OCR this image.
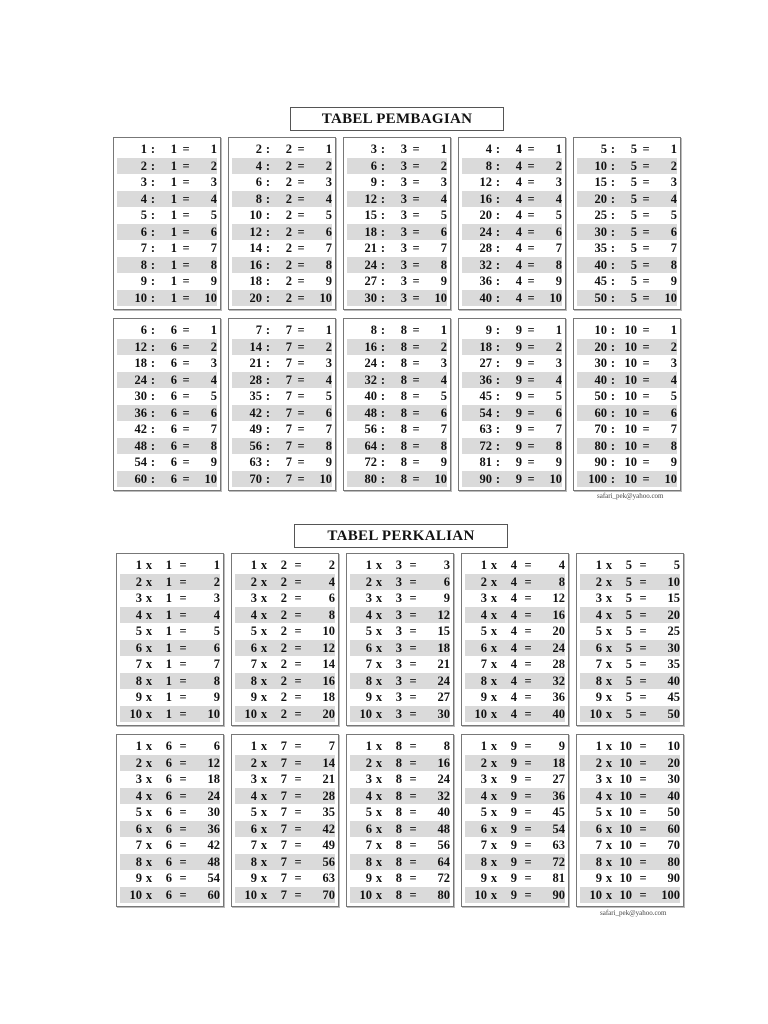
TABEL PEMBAGIAN
1 :	1 =	1
2 :	1 =	2
3 :	1 =	3
4 :	1 =	4
5 :	1 =	5
6 :	1 =	6
7 :	1 =	7
8 :	1 =	8
9 :	1 =	9
10 :	1 =	10
2 :	2 =	1
4 :	2 =	2
6 :	2 =	3
8 :	2 =	4
10 :	2 =	5
12 :	2 =	6
14 :	2 =	7
16 :	2 =	8
18 :	2 =	9
20 :	2 =	10
3 :	3 =	1
6 :	3 =	2
9 :	3 =	3
12 :	3 =	4
15 :	3 =	5
18 :	3 =	6
21 :	3 =	7
24 :	3 =	8
27 :	3 =	9
30 :	3 =	10
4 :	4 =	1
8 :	4 =	2
12 :	4 =	3
16 :	4 =	4
20 :	4 =	5
24 :	4 =	6
28 :	4 =	7
32 :	4 =	8
36 :	4 =	9
40 :	4 =	10
5 :	5 =	1
10 :	5 =	2
15 :	5 =	3
20 :	5 =	4
25 :	5 =	5
30 :	5 =	6
35 :	5 =	7
40 :	5 =	8
45 :	5 =	9
50 :	5 =	10
6 :	6 =	1
12 :	6 =	2
18 :	6 =	3
24 :	6 =	4
30 :	6 =	5
36 :	6 =	6
42 :	6 =	7
48 :	6 =	8
54 :	6 =	9
60 :	6 =	10
7 :	7 =	1
14 :	7 =	2
21 :	7 =	3
28 :	7 =	4
35 :	7 =	5
42 :	7 =	6
49 :	7 =	7
56 :	7 =	8
63 :	7 =	9
70 :	7 =	10
8 :	8 =	1
16 :	8 =	2
24 :	8 =	3
32 :	8 =	4
40 :	8 =	5
48 :	8 =	6
56 :	8 =	7
64 :	8 =	8
72 :	8 =	9
80 :	8 =	10
9 :	9 =	1
18 :	9 =	2
27 :	9 =	3
36 :	9 =	4
45 :	9 =	5
54 :	9 =	6
63 :	9 =	7
72 :	9 =	8
81 :	9 =	9
90 :	9 =	10
10 : 10 =	1
20 : 10 =	2
30 : 10 =	3
40 : 10 =	4
50 : 10 =	5
60 : 10 =	6
70 : 10 =	7
80 : 10 =	8
90 : 10 =	9
100 : 10 =	10
safari_pek@yahoo.com
TABEL PERKALIAN
1 x	1 =	1
2 x	1 =	2
3 x	1 =	3
4 x	1 =	4
5 x	1 =	5
6 x	1 =	6
7 x	1 =	7
8 x	1 =	8
9 x	1 =	9
10 x	1 =	10
1 x	2 =	2
2 x	2 =	4
3 x	2 =	6
4 x	2 =	8
5 x	2 =	10
6 x	2 =	12
7 x	2 =	14
8 x	2 =	16
9 x	2 =	18
10 x	2 =	20
1 x	3 =	3
2 x	3 =	6
3 x	3 =	9
4 x	3 =	12
5 x	3 =	15
6 x	3 =	18
7 x	3 =	21
8 x	3 =	24
9 x	3 =	27
10 x	3 =	30
1 x	4 =	4
2 x	4 =	8
3 x	4 =	12
4 x	4 =	16
5 x	4 =	20
6 x	4 =	24
7 x	4 =	28
8 x	4 =	32
9 x	4 =	36
10 x	4 =	40
1 x	5 =	5
2 x	5 =	10
3 x	5 =	15
4 x	5 =	20
5 x	5 =	25
6 x	5 =	30
7 x	5 =	35
8 x	5 =	40
9 x	5 =	45
10 x	5 =	50
1 x	6 =	6
2 x	6 =	12
3 x	6 =	18
4 x	6 =	24
5 x	6 =	30
6 x	6 =	36
7 x	6 =	42
8 x	6 =	48
9 x	6 =	54
10 x	6 =	60
1 x	7 =	7
2 x	7 =	14
3 x	7 =	21
4 x	7 =	28
5 x	7 =	35
6 x	7 =	42
7 x	7 =	49
8 x	7 =	56
9 x	7 =	63
10 x	7 =	70
1 x	8 =	8
2 x	8 =	16
3 x	8 =	24
4 x	8 =	32
5 x	8 =	40
6 x	8 =	48
7 x	8 =	56
8 x	8 =	64
9 x	8 =	72
10 x	8 =	80
1 x	9 =	9
2 x	9 =	18
3 x	9 =	27
4 x	9 =	36
5 x	9 =	45
6 x	9 =	54
7 x	9 =	63
8 x	9 =	72
9 x	9 =	81
10 x	9 =	90
1 x 10 =	10
2 x 10 =	20
3 x 10 =	30
4 x 10 =	40
5 x 10 =	50
6 x 10 =	60
7 x 10 =	70
8 x 10 =	80
9 x 10 =	90
10 x 10 =	100
safari_pek@yahoo.com
